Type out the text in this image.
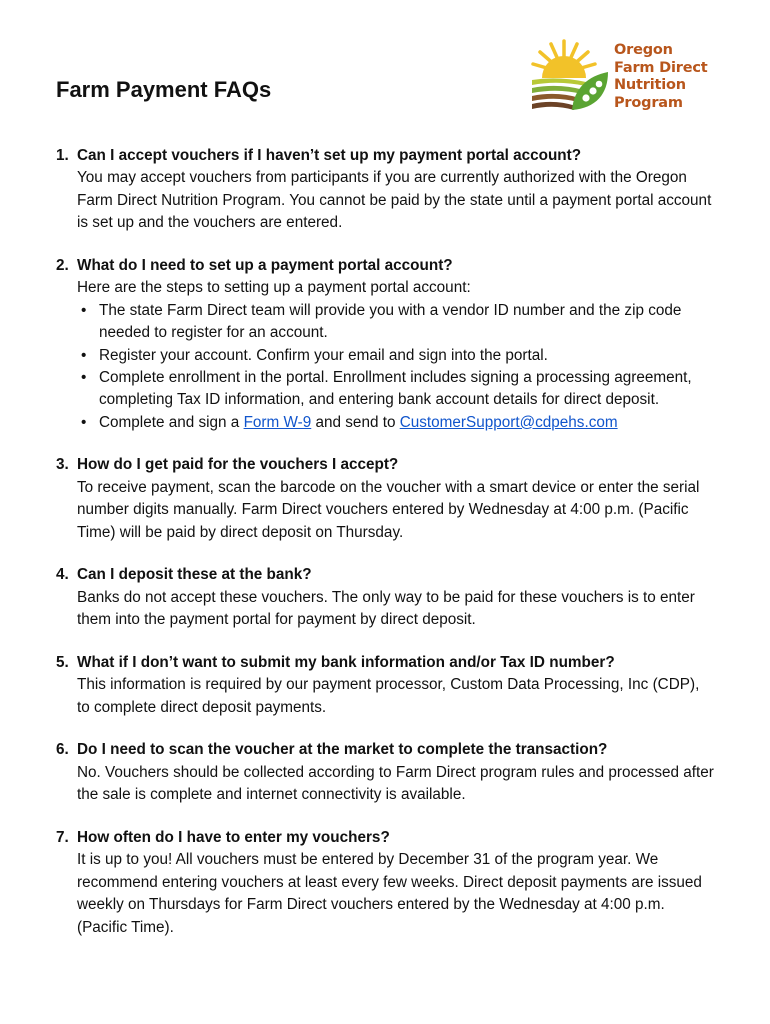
Farm Payment FAQs
Oregon
Farm Direct
Nutrition
Program
1. Can I accept vouchers if I haven’t set up my payment portal account?
You may accept vouchers from participants if you are currently authorized with the Oregon Farm Direct Nutrition Program. You cannot be paid by the state until a payment portal account is set up and the vouchers are entered.
2. What do I need to set up a payment portal account?
Here are the steps to setting up a payment portal account:
• The state Farm Direct team will provide you with a vendor ID number and the zip code needed to register for an account.
• Register your account. Confirm your email and sign into the portal.
• Complete enrollment in the portal. Enrollment includes signing a processing agreement, completing Tax ID information, and entering bank account details for direct deposit.
• Complete and sign a Form W-9 and send to CustomerSupport@cdpehs.com
3. How do I get paid for the vouchers I accept?
To receive payment, scan the barcode on the voucher with a smart device or enter the serial number digits manually. Farm Direct vouchers entered by Wednesday at 4:00 p.m. (Pacific Time) will be paid by direct deposit on Thursday.
4. Can I deposit these at the bank?
Banks do not accept these vouchers. The only way to be paid for these vouchers is to enter them into the payment portal for payment by direct deposit.
5. What if I don’t want to submit my bank information and/or Tax ID number?
This information is required by our payment processor, Custom Data Processing, Inc (CDP), to complete direct deposit payments.
6. Do I need to scan the voucher at the market to complete the transaction?
No. Vouchers should be collected according to Farm Direct program rules and processed after the sale is complete and internet connectivity is available.
7. How often do I have to enter my vouchers?
It is up to you! All vouchers must be entered by December 31 of the program year. We recommend entering vouchers at least every few weeks. Direct deposit payments are issued weekly on Thursdays for Farm Direct vouchers entered by the Wednesday at 4:00 p.m. (Pacific Time).
